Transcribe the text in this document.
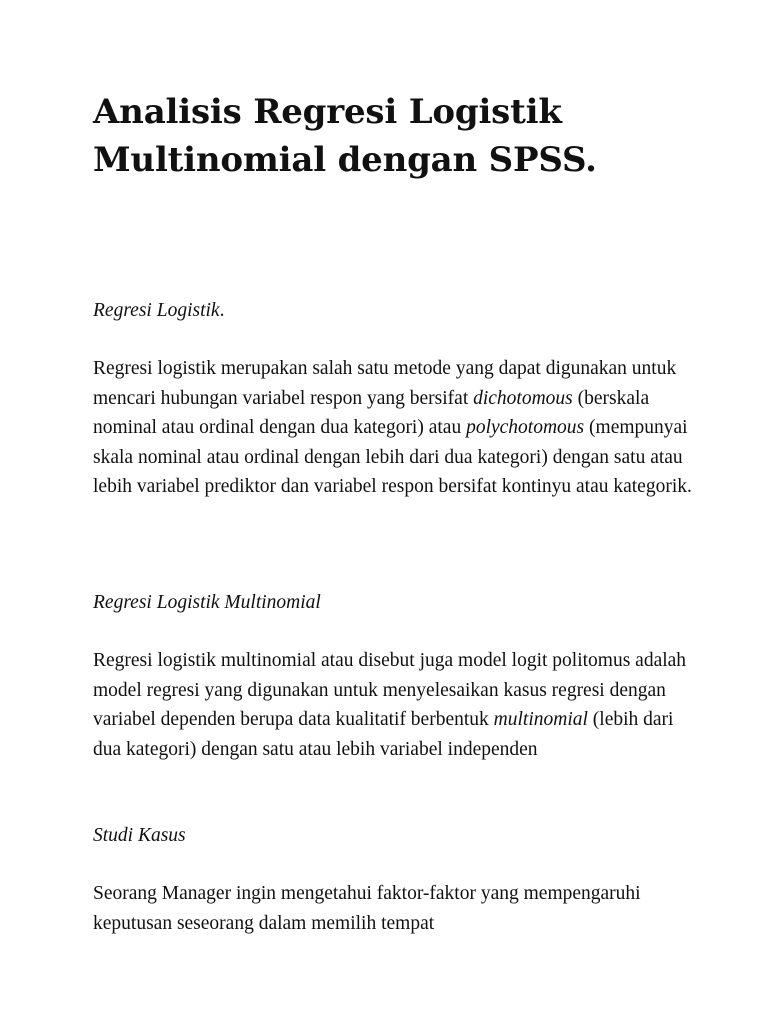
Analisis Regresi Logistik
Multinomial dengan SPSS.

Regresi Logistik.

Regresi logistik merupakan salah satu metode yang dapat digunakan untuk mencari hubungan variabel respon yang bersifat dichotomous (berskala nominal atau ordinal dengan dua kategori) atau polychotomous (mempunyai skala nominal atau ordinal dengan lebih dari dua kategori) dengan satu atau lebih variabel prediktor dan variabel respon bersifat kontinyu atau kategorik.

Regresi Logistik Multinomial

Regresi logistik multinomial atau disebut juga model logit politomus adalah model regresi yang digunakan untuk menyelesaikan kasus regresi dengan variabel dependen berupa data kualitatif berbentuk multinomial (lebih dari dua kategori) dengan satu atau lebih variabel independen

Studi Kasus

Seorang Manager ingin mengetahui faktor-faktor yang mempengaruhi keputusan seseorang dalam memilih tempat
